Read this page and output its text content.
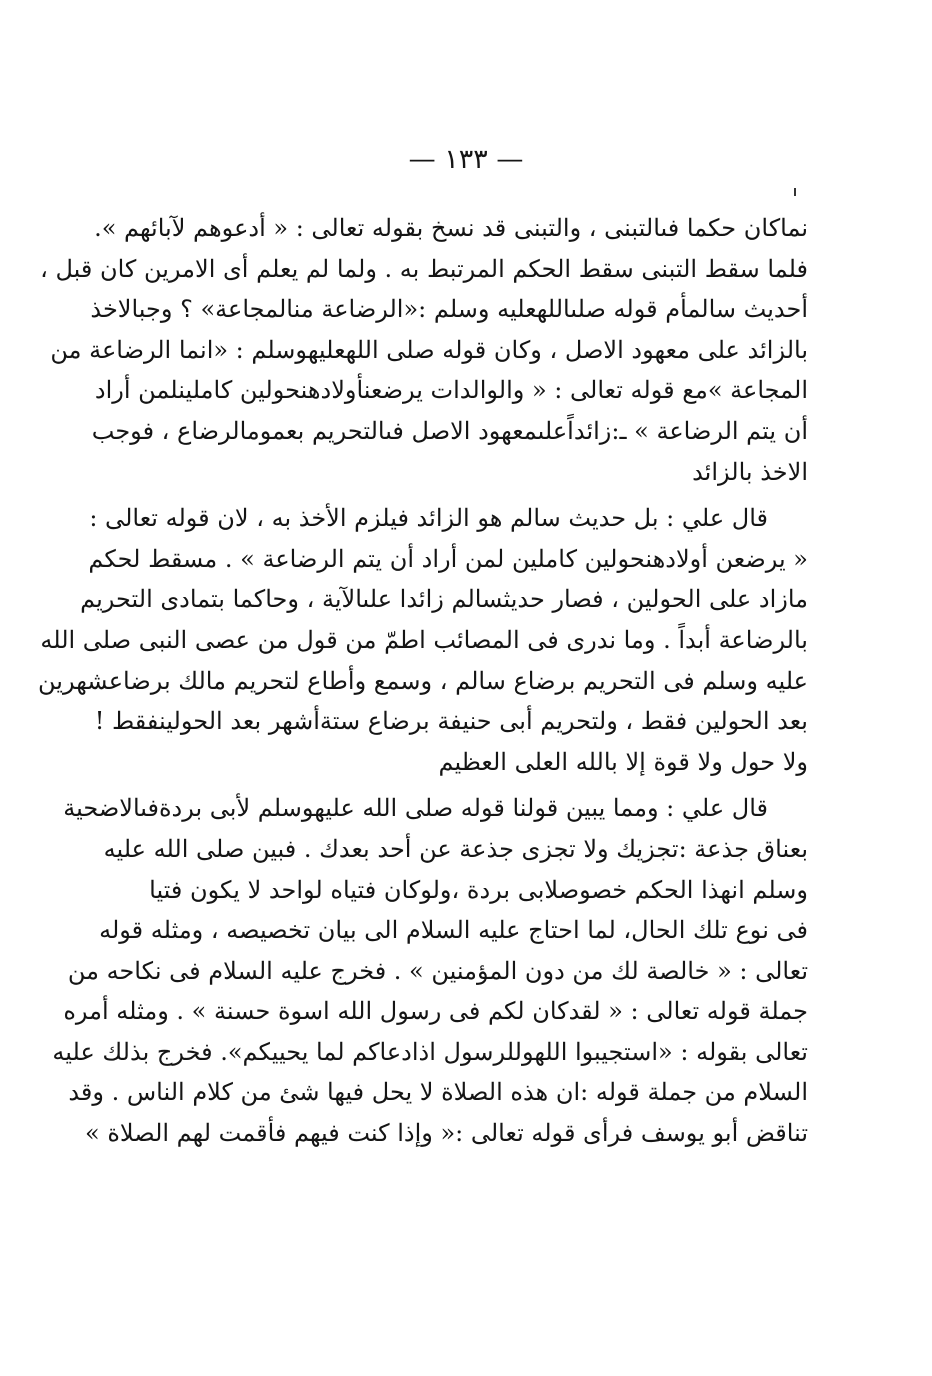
— ١٣٣ —
نماكان حكما فىالتبنى ، والتبنى قد نسخ بقوله تعالى : « أدعوهم لآبائهم ».
فلما سقط التبنى سقط الحكم المرتبط به . ولما لم يعلم أى الامرين كان قبل ،
أحديث سالمأم قوله صلىاللهعليه وسلم :«الرضاعة منالمجاعة» ؟ وجبالاخذ
بالزائد على معهود الاصل ، وكان قوله صلى اللهعليهوسلم : «انما الرضاعة من
المجاعة »مع قوله تعالى : « والوالدات يرضعنأولادهنحولين كاملينلمن أراد
أن يتم الرضاعة » ـ:زائداًعلىمعهود الاصل فىالتحريم بعمومالرضاع ، فوجب
الاخذ بالزائد
قال علي : بل حديث سالم هو الزائد فيلزم الأخذ به ، لان قوله تعالى :
« يرضعن أولادهنحولين كاملين لمن أراد أن يتم الرضاعة » . مسقط لحكم
مازاد على الحولين ، فصار حديثسالم زائدا علىالآية ، وحاكما بتمادى التحريم
بالرضاعة أبداً . وما ندرى فى المصائب اطمّ من قول من عصى النبى صلى الله
عليه وسلم فى التحريم برضاع سالم ، وسمع وأطاع لتحريم مالك برضاعشهرين
بعد الحولين فقط ، ولتحريم أبى حنيفة برضاع ستةأشهر بعد الحولينفقط !
ولا حول ولا قوة إلا بالله العلى العظيم
قال علي : ومما يبين قولنا قوله صلى الله عليهوسلم لأبى بردةفىالاضحية
بعناق جذعة :تجزيك ولا تجزى جذعة عن أحد بعدك . فبين صلى الله عليه
وسلم انهذا الحكم خصوصلابى بردة ،ولوكان فتياه لواحد لا يكون فتيا
فى نوع تلك الحال، لما احتاج عليه السلام الى بيان تخصيصه ، ومثله قوله
تعالى : « خالصة لك من دون المؤمنين » . فخرج عليه السلام فى نكاحه من
جملة قوله تعالى : « لقدكان لكم فى رسول الله اسوة حسنة » . ومثله أمره
تعالى بقوله : «استجيبوا اللهوللرسول اذادعاكم لما يحييكم». فخرج بذلك عليه
السلام من جملة قوله :ان هذه الصلاة لا يحل فيها شئ من كلام الناس . وقد
تناقض أبو يوسف فرأى قوله تعالى :« وإذا كنت فيهم فأقمت لهم الصلاة »
